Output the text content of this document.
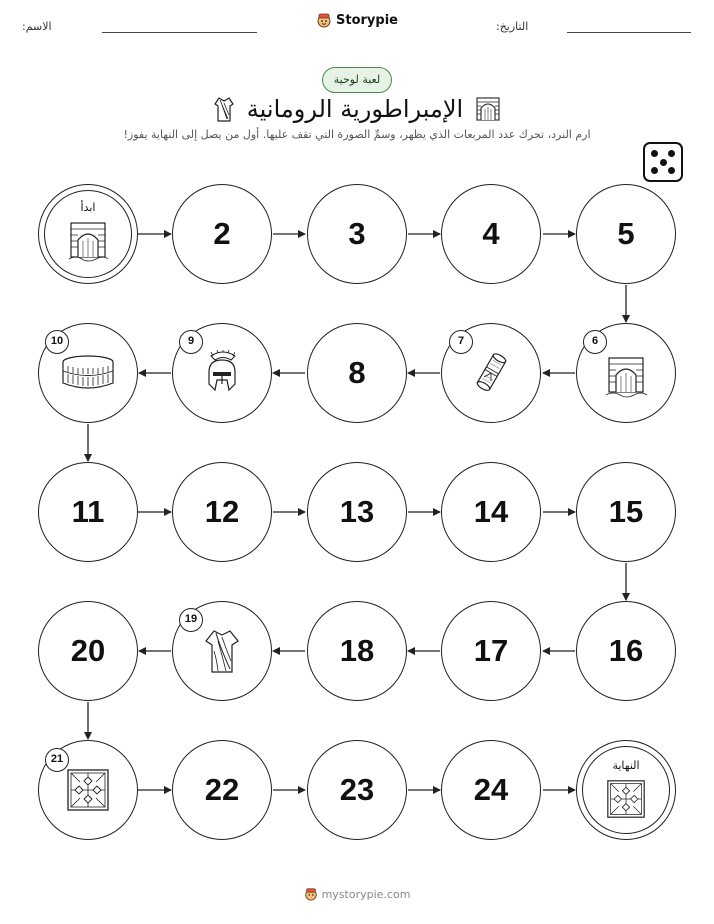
الاسم:	التاريخ:
Storypie
لعبة لوحية
الإمبراطورية الرومانية
ارم النرد، تحرك عدد المربعات الذي يظهر، وسمِّ الصورة التي تقف عليها. أول من يصل إلى النهاية يفوز!
ابدأ
2	3	4	5
10	9
8
7	6
11	12	13	14	15
20
19
18	17	16
21
22	23	24
النهاية
mystorypie.com
